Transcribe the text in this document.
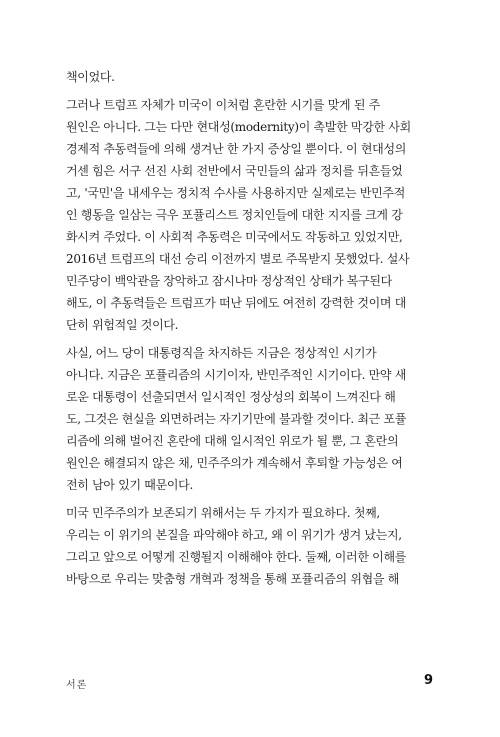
책이었다.
그러나 트럼프 자체가 미국이 이처럼 혼란한 시기를 맞게 된 주
원인은 아니다. 그는 다만 현대성(modernity)이 촉발한 막강한 사회
경제적 추동력들에 의해 생겨난 한 가지 증상일 뿐이다. 이 현대성의
거센 힘은 서구 선진 사회 전반에서 국민들의 삶과 정치를 뒤흔들었
고, '국민'을 내세우는 정치적 수사를 사용하지만 실제로는 반민주적
인 행동을 일삼는 극우 포퓰리스트 정치인들에 대한 지지를 크게 강
화시켜 주었다. 이 사회적 추동력은 미국에서도 작동하고 있었지만,
2016년 트럼프의 대선 승리 이전까지 별로 주목받지 못했었다. 설사
민주당이 백악관을 장악하고 잠시나마 정상적인 상태가 복구된다
해도, 이 추동력들은 트럼프가 떠난 뒤에도 여전히 강력한 것이며 대
단히 위험적일 것이다.
사실, 어느 당이 대통령직을 차지하든 지금은 정상적인 시기가
아니다. 지금은 포퓰리즘의 시기이자, 반민주적인 시기이다. 만약 새
로운 대통령이 선출되면서 일시적인 정상성의 회복이 느껴진다 해
도, 그것은 현실을 외면하려는 자기기만에 불과할 것이다. 최근 포퓰
리즘에 의해 벌어진 혼란에 대해 일시적인 위로가 될 뿐, 그 혼란의
원인은 해결되지 않은 채, 민주주의가 계속해서 후퇴할 가능성은 여
전히 남아 있기 때문이다.
미국 민주주의가 보존되기 위해서는 두 가지가 필요하다. 첫째,
우리는 이 위기의 본질을 파악해야 하고, 왜 이 위기가 생겨 났는지,
그리고 앞으로 어떻게 진행될지 이해해야 한다. 둘째, 이러한 이해를
바탕으로 우리는 맞춤형 개혁과 정책을 통해 포퓰리즘의 위협을 해
서론	9
